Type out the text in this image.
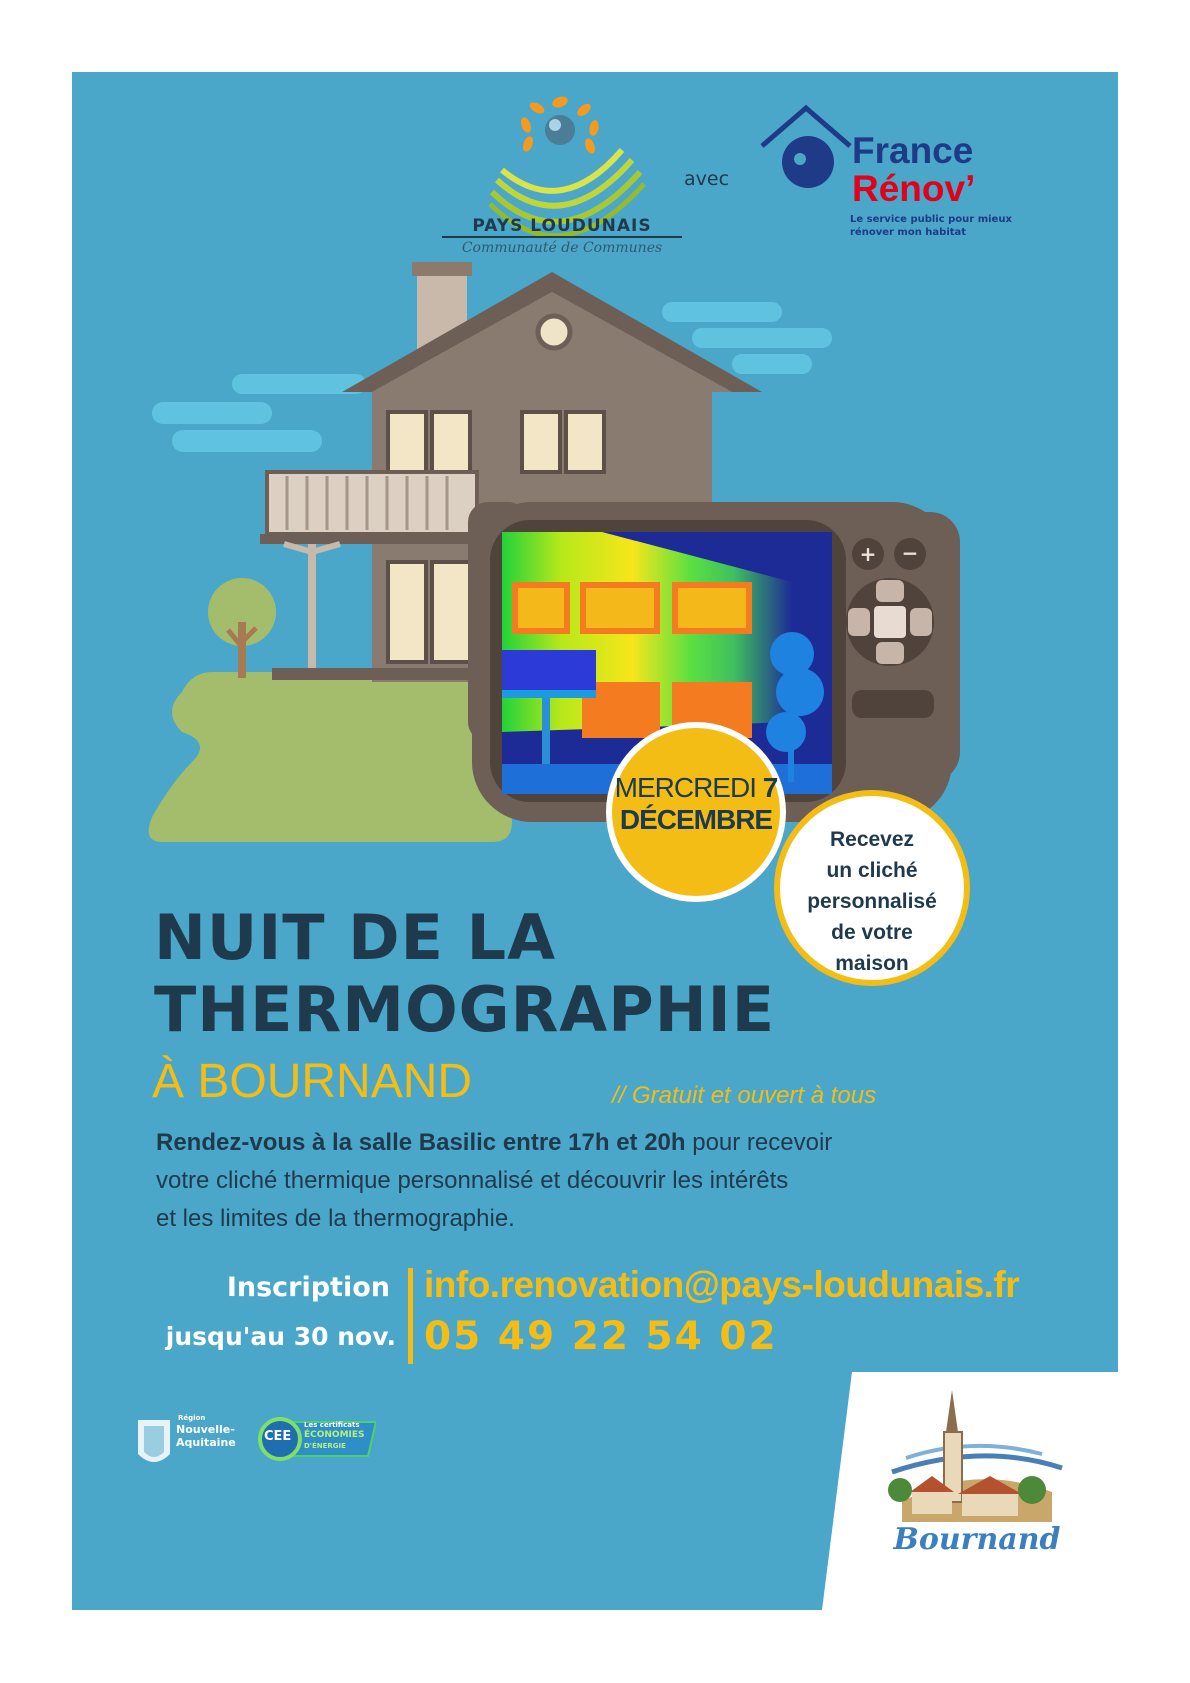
PAYS LOUDUNAIS
Communauté de Communes
avec
France
Rénov’
Le service public pour mieux
rénover mon habitat
+ −
MERCREDI 7
DÉCEMBRE
Recevez
un cliché
personnalisé
de votre
maison
NUIT DE LA
THERMOGRAPHIE
À BOURNAND	// Gratuit et ouvert à tous
Rendez-vous à la salle Basilic entre 17h et 20h pour recevoir
votre cliché thermique personnalisé et découvrir les intérêts
et les limites de la thermographie.
Inscription
jusqu'au 30 nov.
info.renovation@pays-loudunais.fr
05 49 22 54 02
Région
Nouvelle-
Aquitaine CEE
Les certificats
ÉCONOMIES
D'ÉNERGIE
Bournand
